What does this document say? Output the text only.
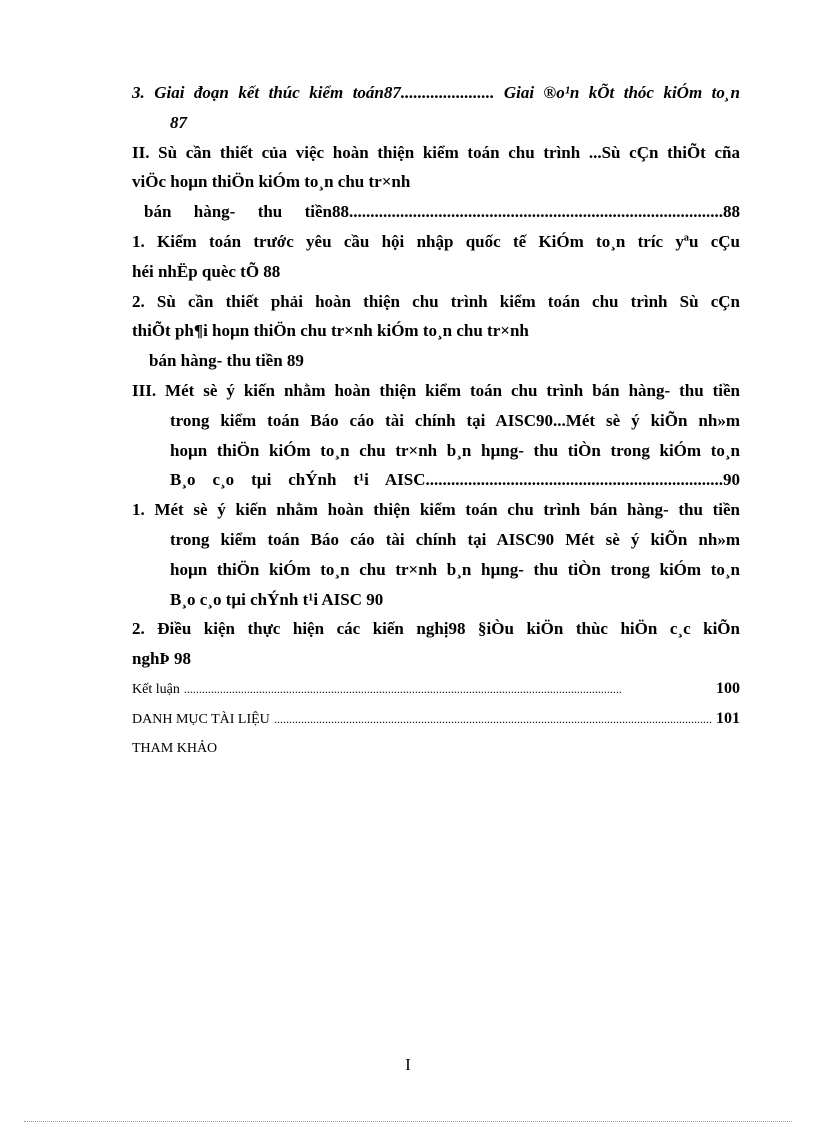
3. Giai đoạn kết thúc kiểm toán87...................... Giai ®o¹n kÕt thóc kiÓm to¸n
87
II. Sù cần thiết của việc hoàn thiện kiểm toán chu trình ...Sù cÇn thiÕt cña
viÖc hoµn thiÖn kiÓm to¸n chu tr×nh
bán hàng- thu tiền88........................................................................................88
1. Kiểm toán trước yêu cầu hội nhập quốc tế KiÓm to¸n tríc yªu cÇu
héi nhËp quèc tÕ 88
2. Sù cần thiết phải hoàn thiện chu trình kiểm toán chu trình Sù cÇn
thiÕt ph¶i hoµn thiÖn chu tr×nh kiÓm to¸n chu tr×nh
bán hàng- thu tiền 89
III. Mét sè ý kiến nhằm hoàn thiện kiểm toán chu trình bán hàng- thu tiền
trong kiểm toán Báo cáo tài chính tại AISC90...Mét sè ý kiÕn nh»m
hoµn thiÖn kiÓm to¸n chu tr×nh b¸n hµng- thu tiÒn trong kiÓm to¸n
B¸o c¸o tµi chÝnh t¹i AISC......................................................................90
1. Mét sè ý kiến nhằm hoàn thiện kiểm toán chu trình bán hàng- thu tiền
trong kiểm toán Báo cáo tài chính tại AISC90 Mét sè ý kiÕn nh»m
hoµn thiÖn kiÓm to¸n chu tr×nh b¸n hµng- thu tiÒn trong kiÓm to¸n
B¸o c¸o tµi chÝnh t¹i AISC 90
2. Điều kiện thực hiện các kiến nghị98 §iÒu kiÖn thùc hiÖn c¸c kiÕn
nghÞ 98
Kết luận ..................................................................................................................................................	100
DANH MỤC TÀI LIỆU THAM KHẢO
.................................................................................................................................................. 101
I
